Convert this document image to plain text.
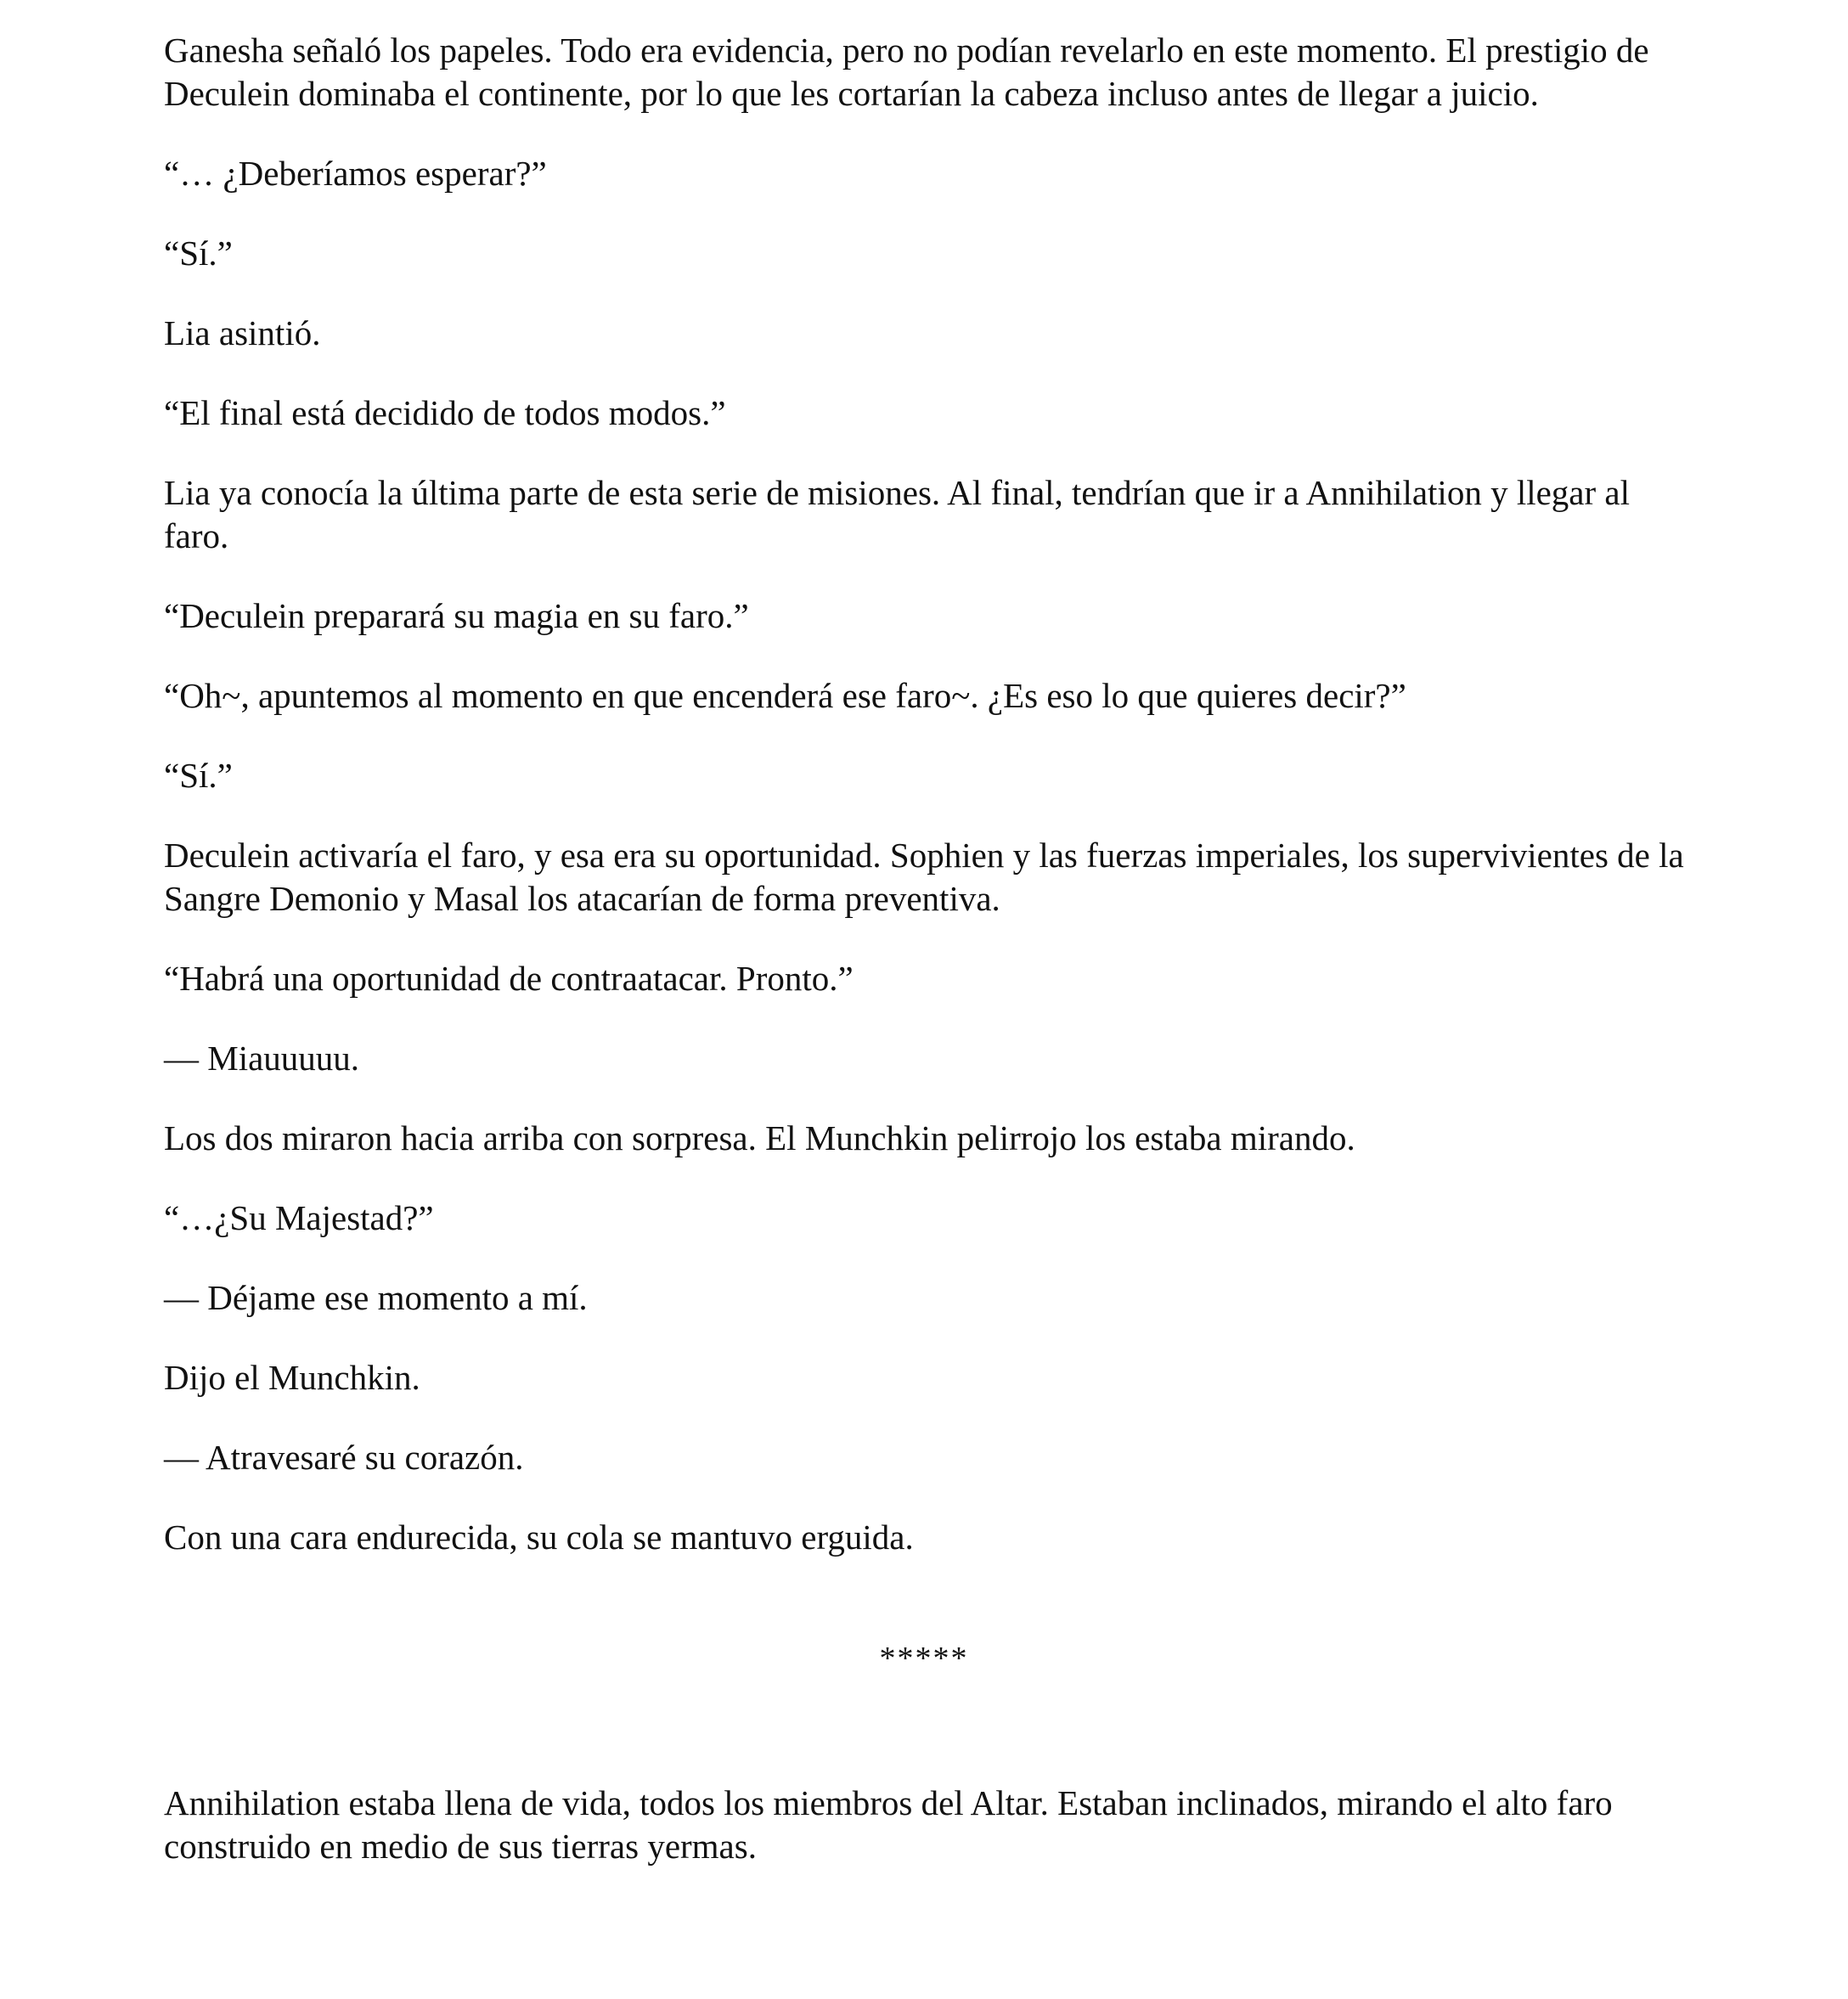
Ganesha señaló los papeles. Todo era evidencia, pero no podían revelarlo en este momento. El prestigio de Deculein dominaba el continente, por lo que les cortarían la cabeza incluso antes de llegar a juicio.

“… ¿Deberíamos esperar?”

“Sí.”

Lia asintió.

“El final está decidido de todos modos.”

Lia ya conocía la última parte de esta serie de misiones. Al final, tendrían que ir a Annihilation y llegar al faro.

“Deculein preparará su magia en su faro.”

“Oh~, apuntemos al momento en que encenderá ese faro~. ¿Es eso lo que quieres decir?”

“Sí.”

Deculein activaría el faro, y esa era su oportunidad. Sophien y las fuerzas imperiales, los supervivientes de la Sangre Demonio y Masal los atacarían de forma preventiva.

“Habrá una oportunidad de contraatacar. Pronto.”

— Miauuuuu.

Los dos miraron hacia arriba con sorpresa. El Munchkin pelirrojo los estaba mirando.

“…¿Su Majestad?”

— Déjame ese momento a mí.

Dijo el Munchkin.

— Atravesaré su corazón.

Con una cara endurecida, su cola se mantuvo erguida.

*****

Annihilation estaba llena de vida, todos los miembros del Altar. Estaban inclinados, mirando el alto faro construido en medio de sus tierras yermas.
